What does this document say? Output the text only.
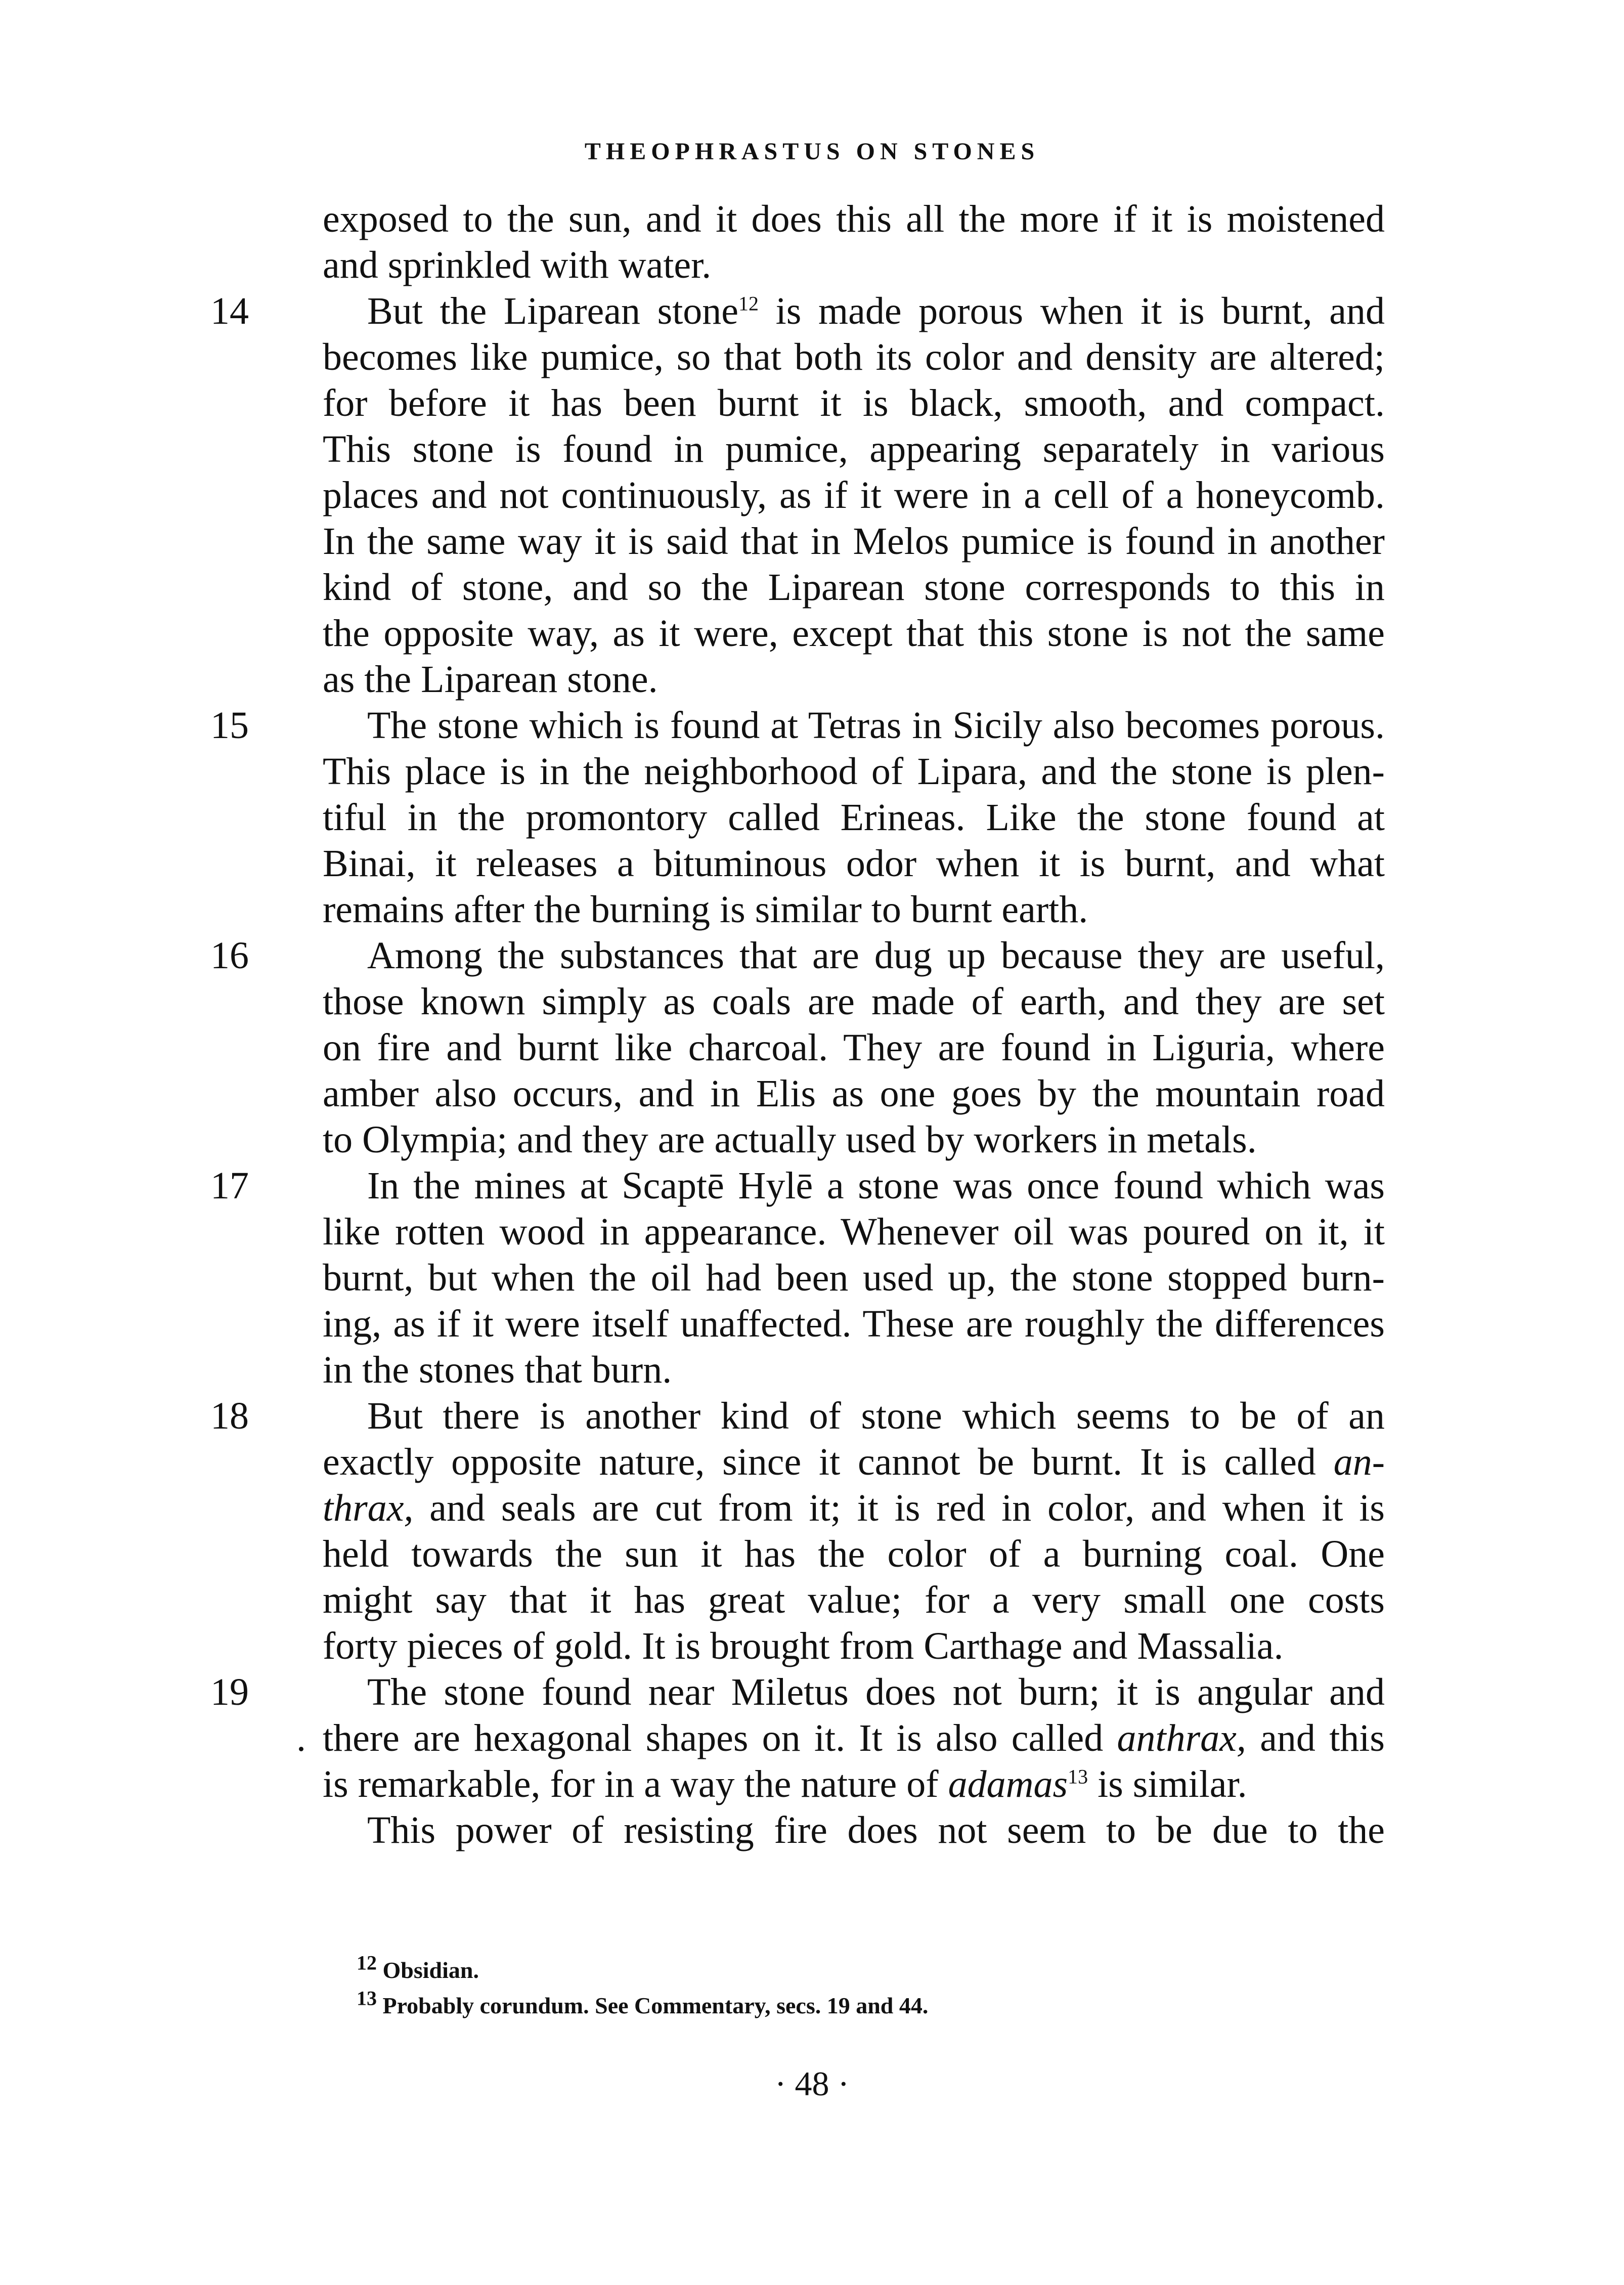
THEOPHRASTUS ON STONES
exposed to the sun, and it does this all the more if it is moistened
and sprinkled with water.
14	But the Liparean stone$^{12}$ is made porous when it is burnt, and
becomes like pumice, so that both its color and density are altered;
for before it has been burnt it is black, smooth, and compact.
This stone is found in pumice, appearing separately in various
places and not continuously, as if it were in a cell of a honeycomb.
In the same way it is said that in Melos pumice is found in another
kind of stone, and so the Liparean stone corresponds to this in
the opposite way, as it were, except that this stone is not the same
as the Liparean stone.
15	The stone which is found at Tetras in Sicily also becomes porous.
This place is in the neighborhood of Lipara, and the stone is plen-
tiful in the promontory called Erineas. Like the stone found at
Binai, it releases a bituminous odor when it is burnt, and what
remains after the burning is similar to burnt earth.
16	Among the substances that are dug up because they are useful,
those known simply as coals are made of earth, and they are set
on fire and burnt like charcoal. They are found in Liguria, where
amber also occurs, and in Elis as one goes by the mountain road
to Olympia; and they are actually used by workers in metals.
17	In the mines at Scaptē Hylē a stone was once found which was
like rotten wood in appearance. Whenever oil was poured on it, it
burnt, but when the oil had been used up, the stone stopped burn-
ing, as if it were itself unaffected. These are roughly the differences
in the stones that burn.
18	But there is another kind of stone which seems to be of an
exactly opposite nature, since it cannot be burnt. It is called an-
thrax, and seals are cut from it; it is red in color, and when it is
held towards the sun it has the color of a burning coal. One
might say that it has great value; for a very small one costs
forty pieces of gold. It is brought from Carthage and Massalia.
19	The stone found near Miletus does not burn; it is angular and
. there are hexagonal shapes on it. It is also called anthrax, and this
is remarkable, for in a way the nature of adamas$^{13}$ is similar.
This power of resisting fire does not seem to be due to the
$^{12}$ Obsidian.
$^{13}$ Probably corundum. See Commentary, secs. 19 and 44.
· 48 ·
